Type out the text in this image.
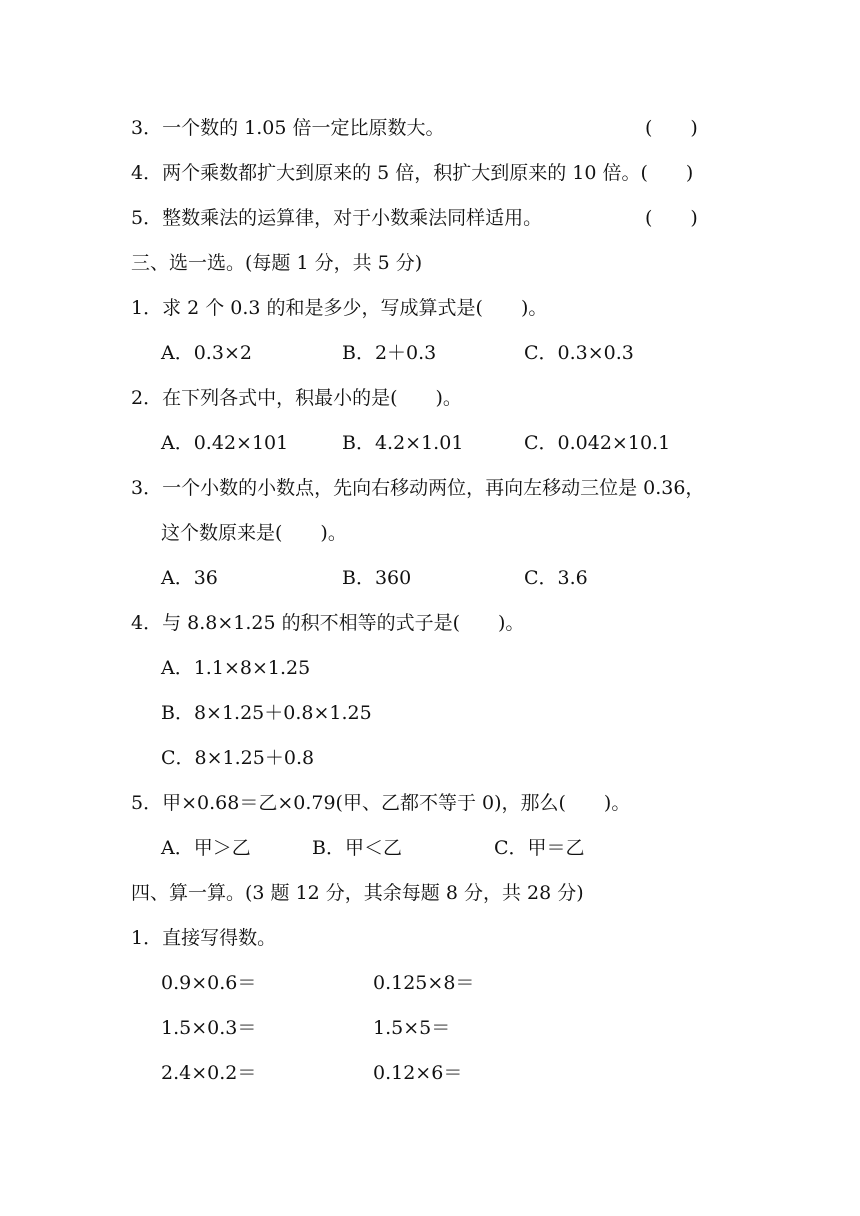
3．一个数的 1.05 倍一定比原数大。	(　　)
4．两个乘数都扩大到原来的 5 倍，积扩大到原来的 10 倍。(　　)
5．整数乘法的运算律，对于小数乘法同样适用。	(　　)
三、选一选。(每题 1 分，共 5 分)
1．求 2 个 0.3 的和是多少，写成算式是(　　)。
A．0.3×2	B．2＋0.3	C．0.3×0.3
2．在下列各式中，积最小的是(　　)。
A．0.42×101	B．4.2×1.01	C．0.042×10.1
3．一个小数的小数点，先向右移动两位，再向左移动三位是 0.36，
这个数原来是(　　)。
A．36	B．360	C．3.6
4．与 8.8×1.25 的积不相等的式子是(　　)。
A．1.1×8×1.25
B．8×1.25＋0.8×1.25
C．8×1.25＋0.8
5．甲×0.68＝乙×0.79(甲、乙都不等于 0)，那么(　　)。
A．甲＞乙	B．甲＜乙	C．甲＝乙
四、算一算。(3 题 12 分，其余每题 8 分，共 28 分)
1．直接写得数。
0.9×0.6＝	0.125×8＝
1.5×0.3＝	1.5×5＝
2.4×0.2＝	0.12×6＝
